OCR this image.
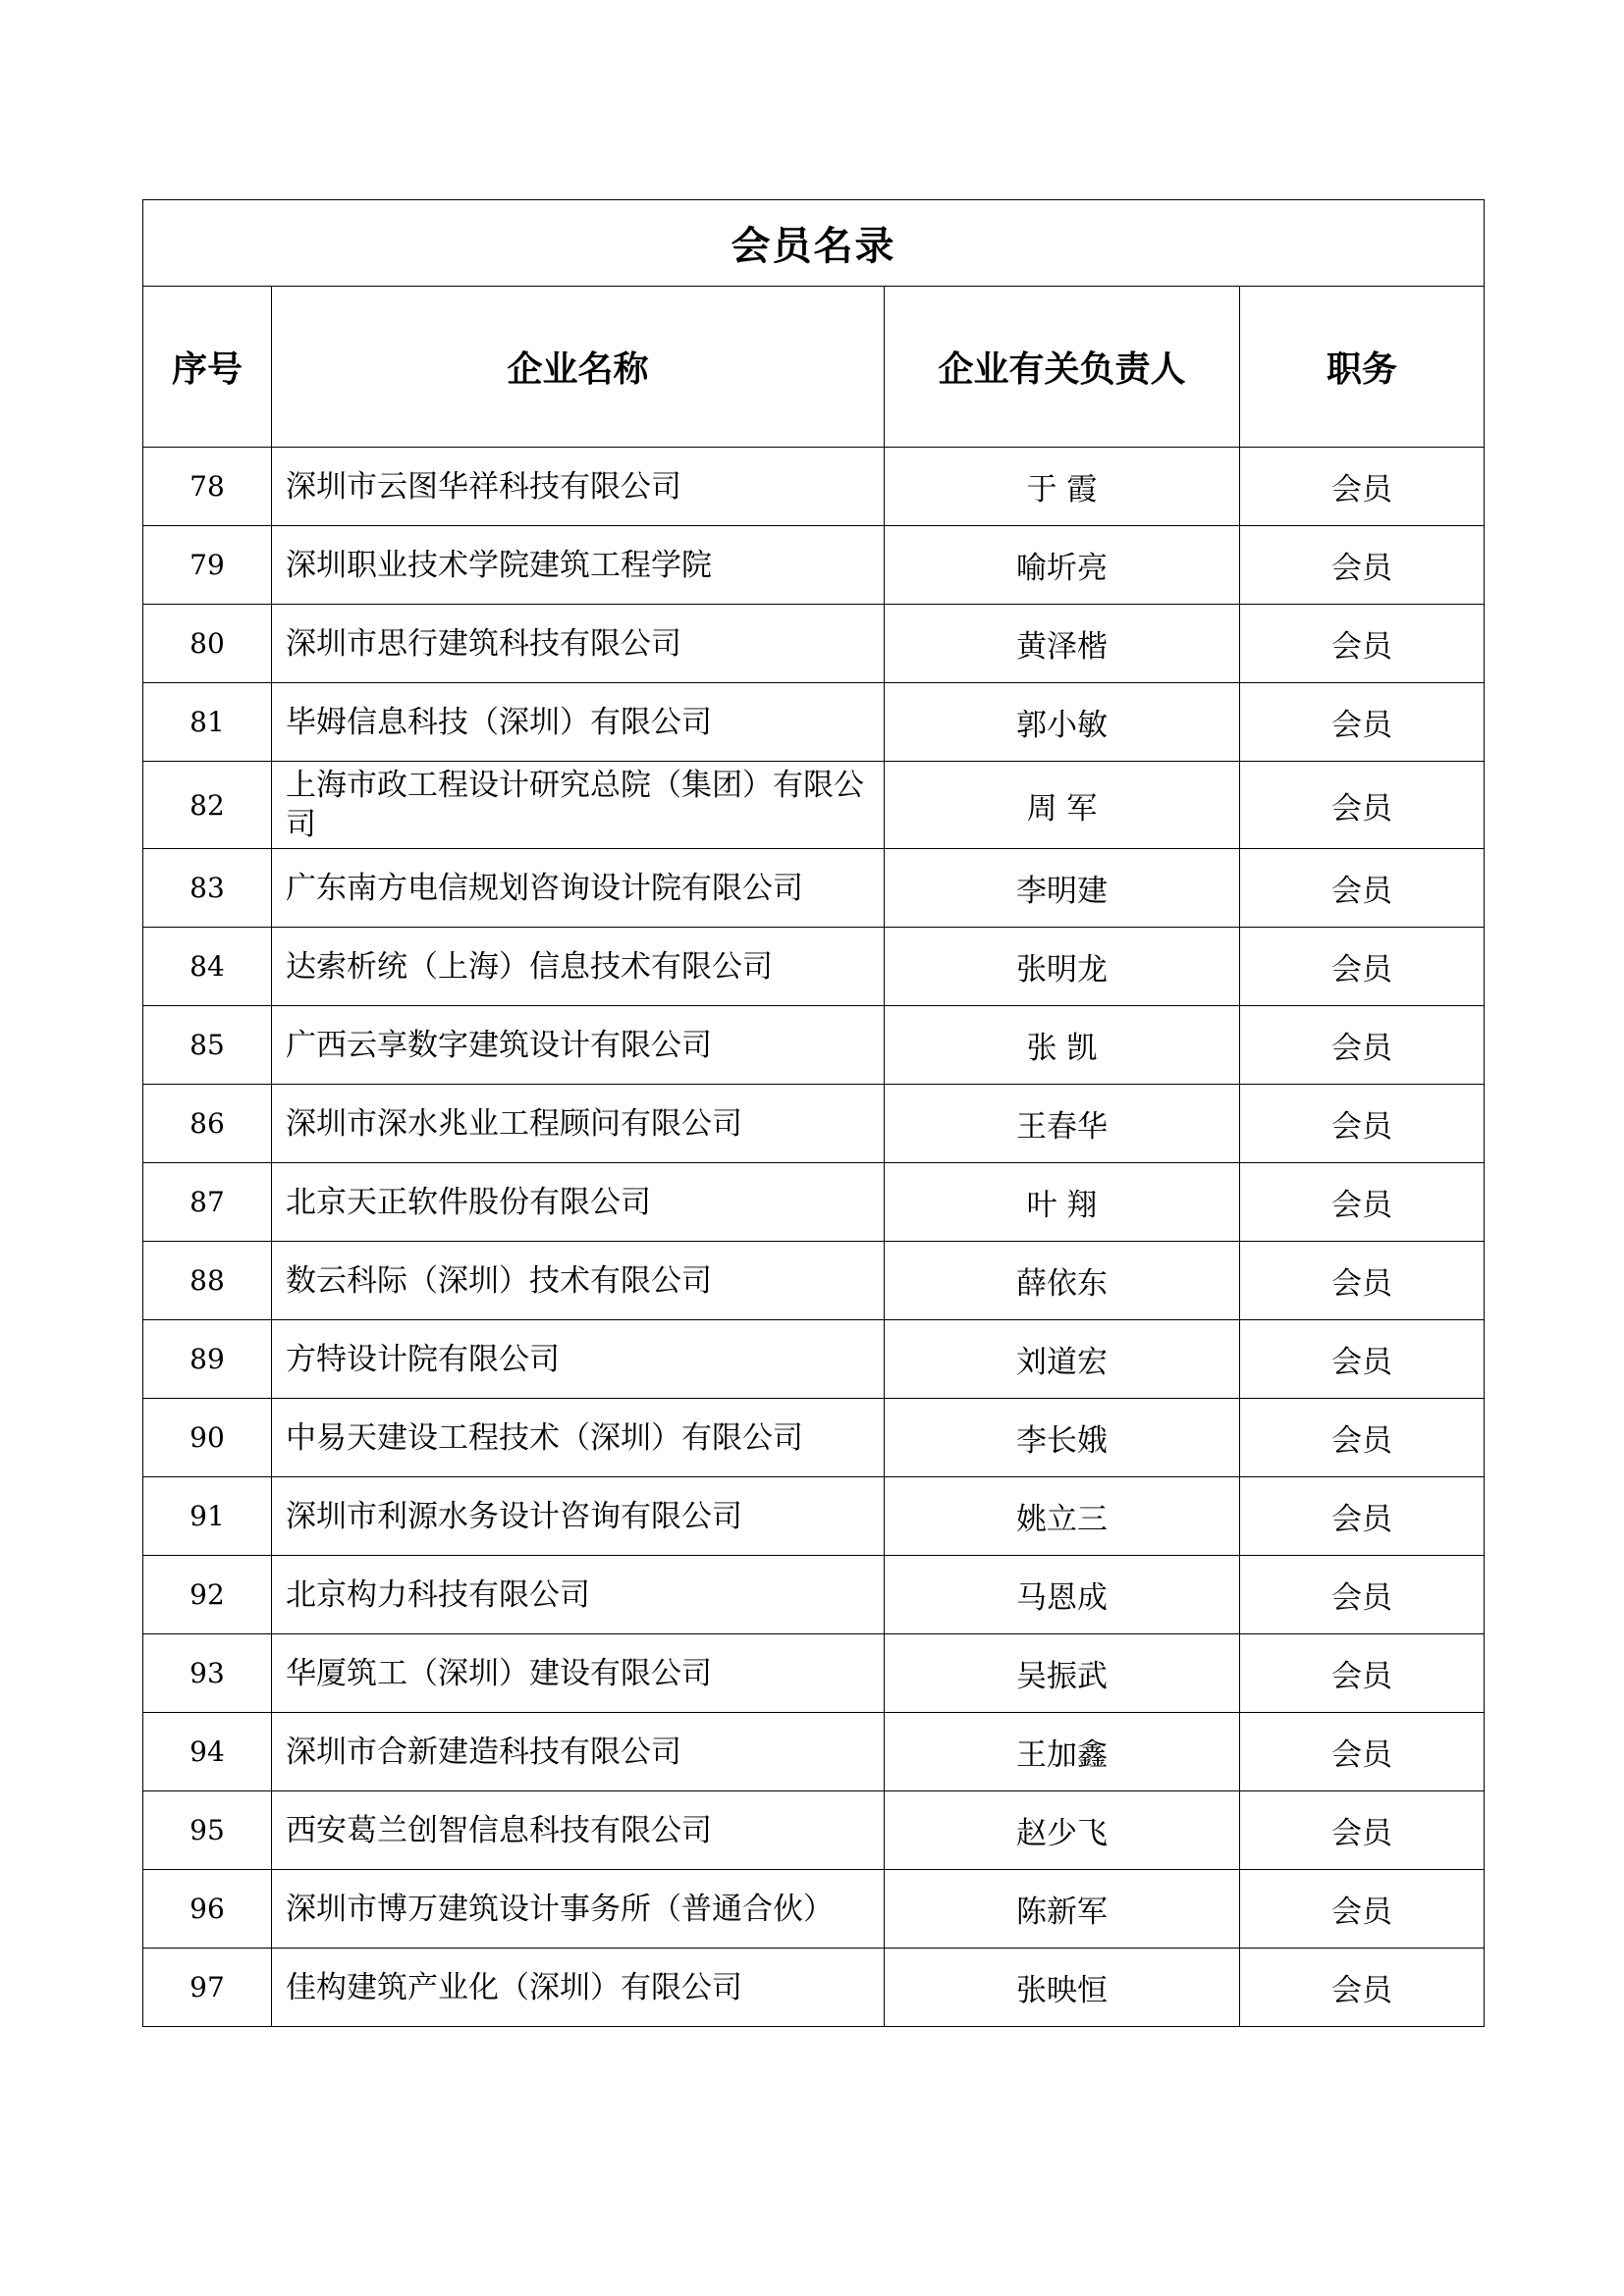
会员名录			
序号	企业名称	企业有关负责人	职务
78	深圳市云图华祥科技有限公司	于 霞	会员
79	深圳职业技术学院建筑工程学院	喻圻亮	会员
80	深圳市思行建筑科技有限公司	黄泽楷	会员
81	毕姆信息科技（深圳）有限公司	郭小敏	会员
82	上海市政工程设计研究总院（集团）有限公司	周 军	会员
83	广东南方电信规划咨询设计院有限公司	李明建	会员
84	达索析统（上海）信息技术有限公司	张明龙	会员
85	广西云享数字建筑设计有限公司	张 凯	会员
86	深圳市深水兆业工程顾问有限公司	王春华	会员
87	北京天正软件股份有限公司	叶 翔	会员
88	数云科际（深圳）技术有限公司	薛依东	会员
89	方特设计院有限公司	刘道宏	会员
90	中易天建设工程技术（深圳）有限公司	李长娥	会员
91	深圳市利源水务设计咨询有限公司	姚立三	会员
92	北京构力科技有限公司	马恩成	会员
93	华厦筑工（深圳）建设有限公司	吴振武	会员
94	深圳市合新建造科技有限公司	王加鑫	会员
95	西安葛兰创智信息科技有限公司	赵少飞	会员
96	深圳市博万建筑设计事务所（普通合伙）	陈新军	会员
97	佳构建筑产业化（深圳）有限公司	张映恒	会员
